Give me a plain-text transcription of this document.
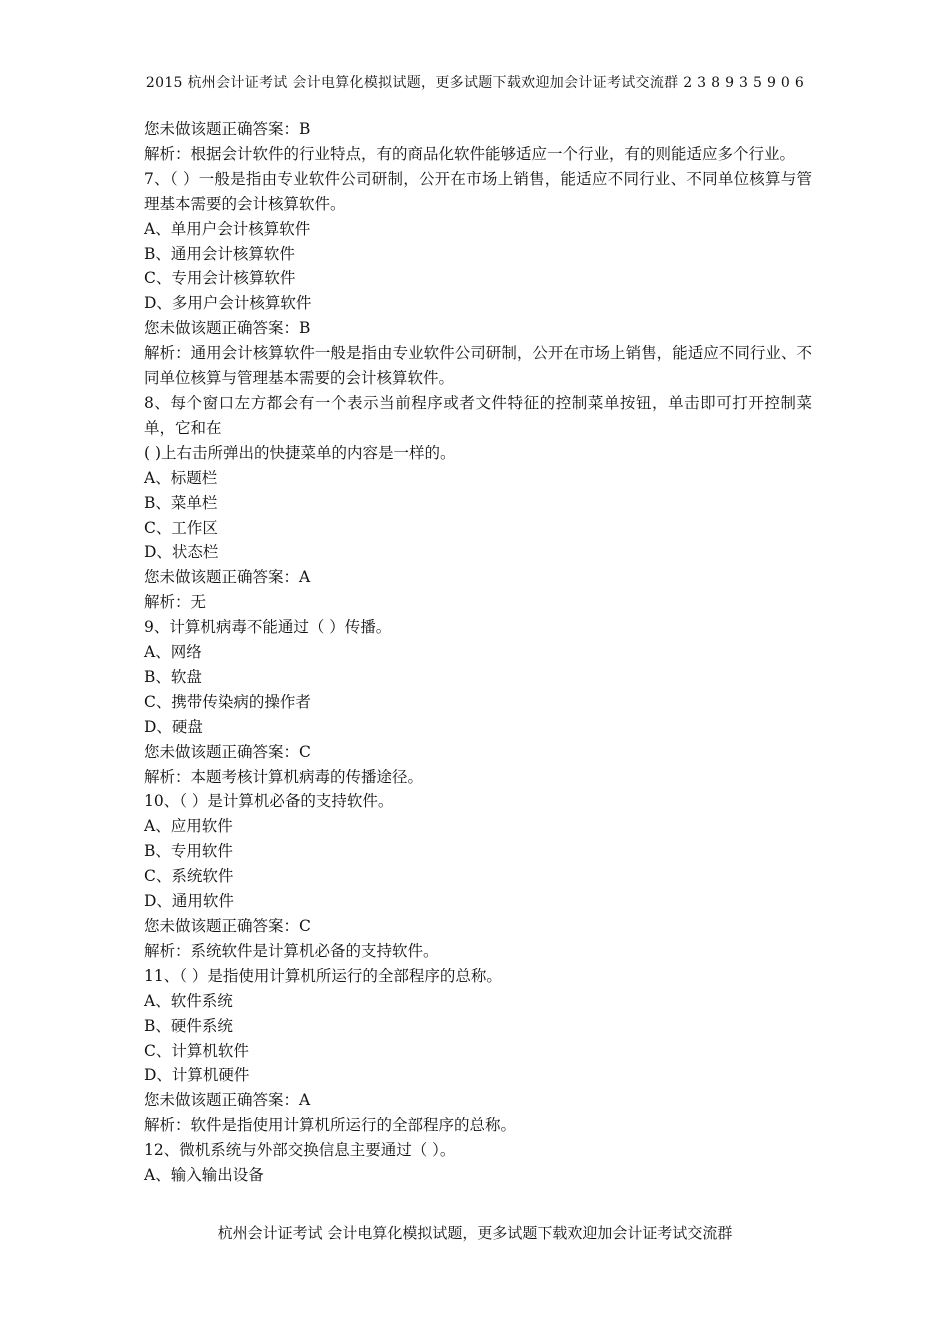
2015 杭州会计证考试 会计电算化模拟试题，更多试题下载欢迎加会计证考试交流群 2 3 8 9 3 5 9 0 6

您未做该题正确答案：B

解析：根据会计软件的行业特点，有的商品化软件能够适应一个行业，有的则能适应多个行业。

7、（ ）一般是指由专业软件公司研制，公开在市场上销售，能适应不同行业、不同单位核算与管理基本需要的会计核算软件。

A、单用户会计核算软件

B、通用会计核算软件

C、专用会计核算软件

D、多用户会计核算软件

您未做该题正确答案：B

解析：通用会计核算软件一般是指由专业软件公司研制，公开在市场上销售，能适应不同行业、不同单位核算与管理基本需要的会计核算软件。

8、每个窗口左方都会有一个表示当前程序或者文件特征的控制菜单按钮，单击即可打开控制菜单，它和在

( )上右击所弹出的快捷菜单的内容是一样的。

A、标题栏

B、菜单栏

C、工作区

D、状态栏

您未做该题正确答案：A

解析：无

9、计算机病毒不能通过（ ）传播。

A、网络

B、软盘

C、携带传染病的操作者

D、硬盘

您未做该题正确答案：C

解析：本题考核计算机病毒的传播途径。

10、（ ）是计算机必备的支持软件。

A、应用软件

B、专用软件

C、系统软件

D、通用软件

您未做该题正确答案：C

解析：系统软件是计算机必备的支持软件。

11、（ ）是指使用计算机所运行的全部程序的总称。

A、软件系统

B、硬件系统

C、计算机软件

D、计算机硬件

您未做该题正确答案：A

解析：软件是指使用计算机所运行的全部程序的总称。

12、微机系统与外部交换信息主要通过（ ）。

A、输入输出设备

杭州会计证考试 会计电算化模拟试题，更多试题下载欢迎加会计证考试交流群
